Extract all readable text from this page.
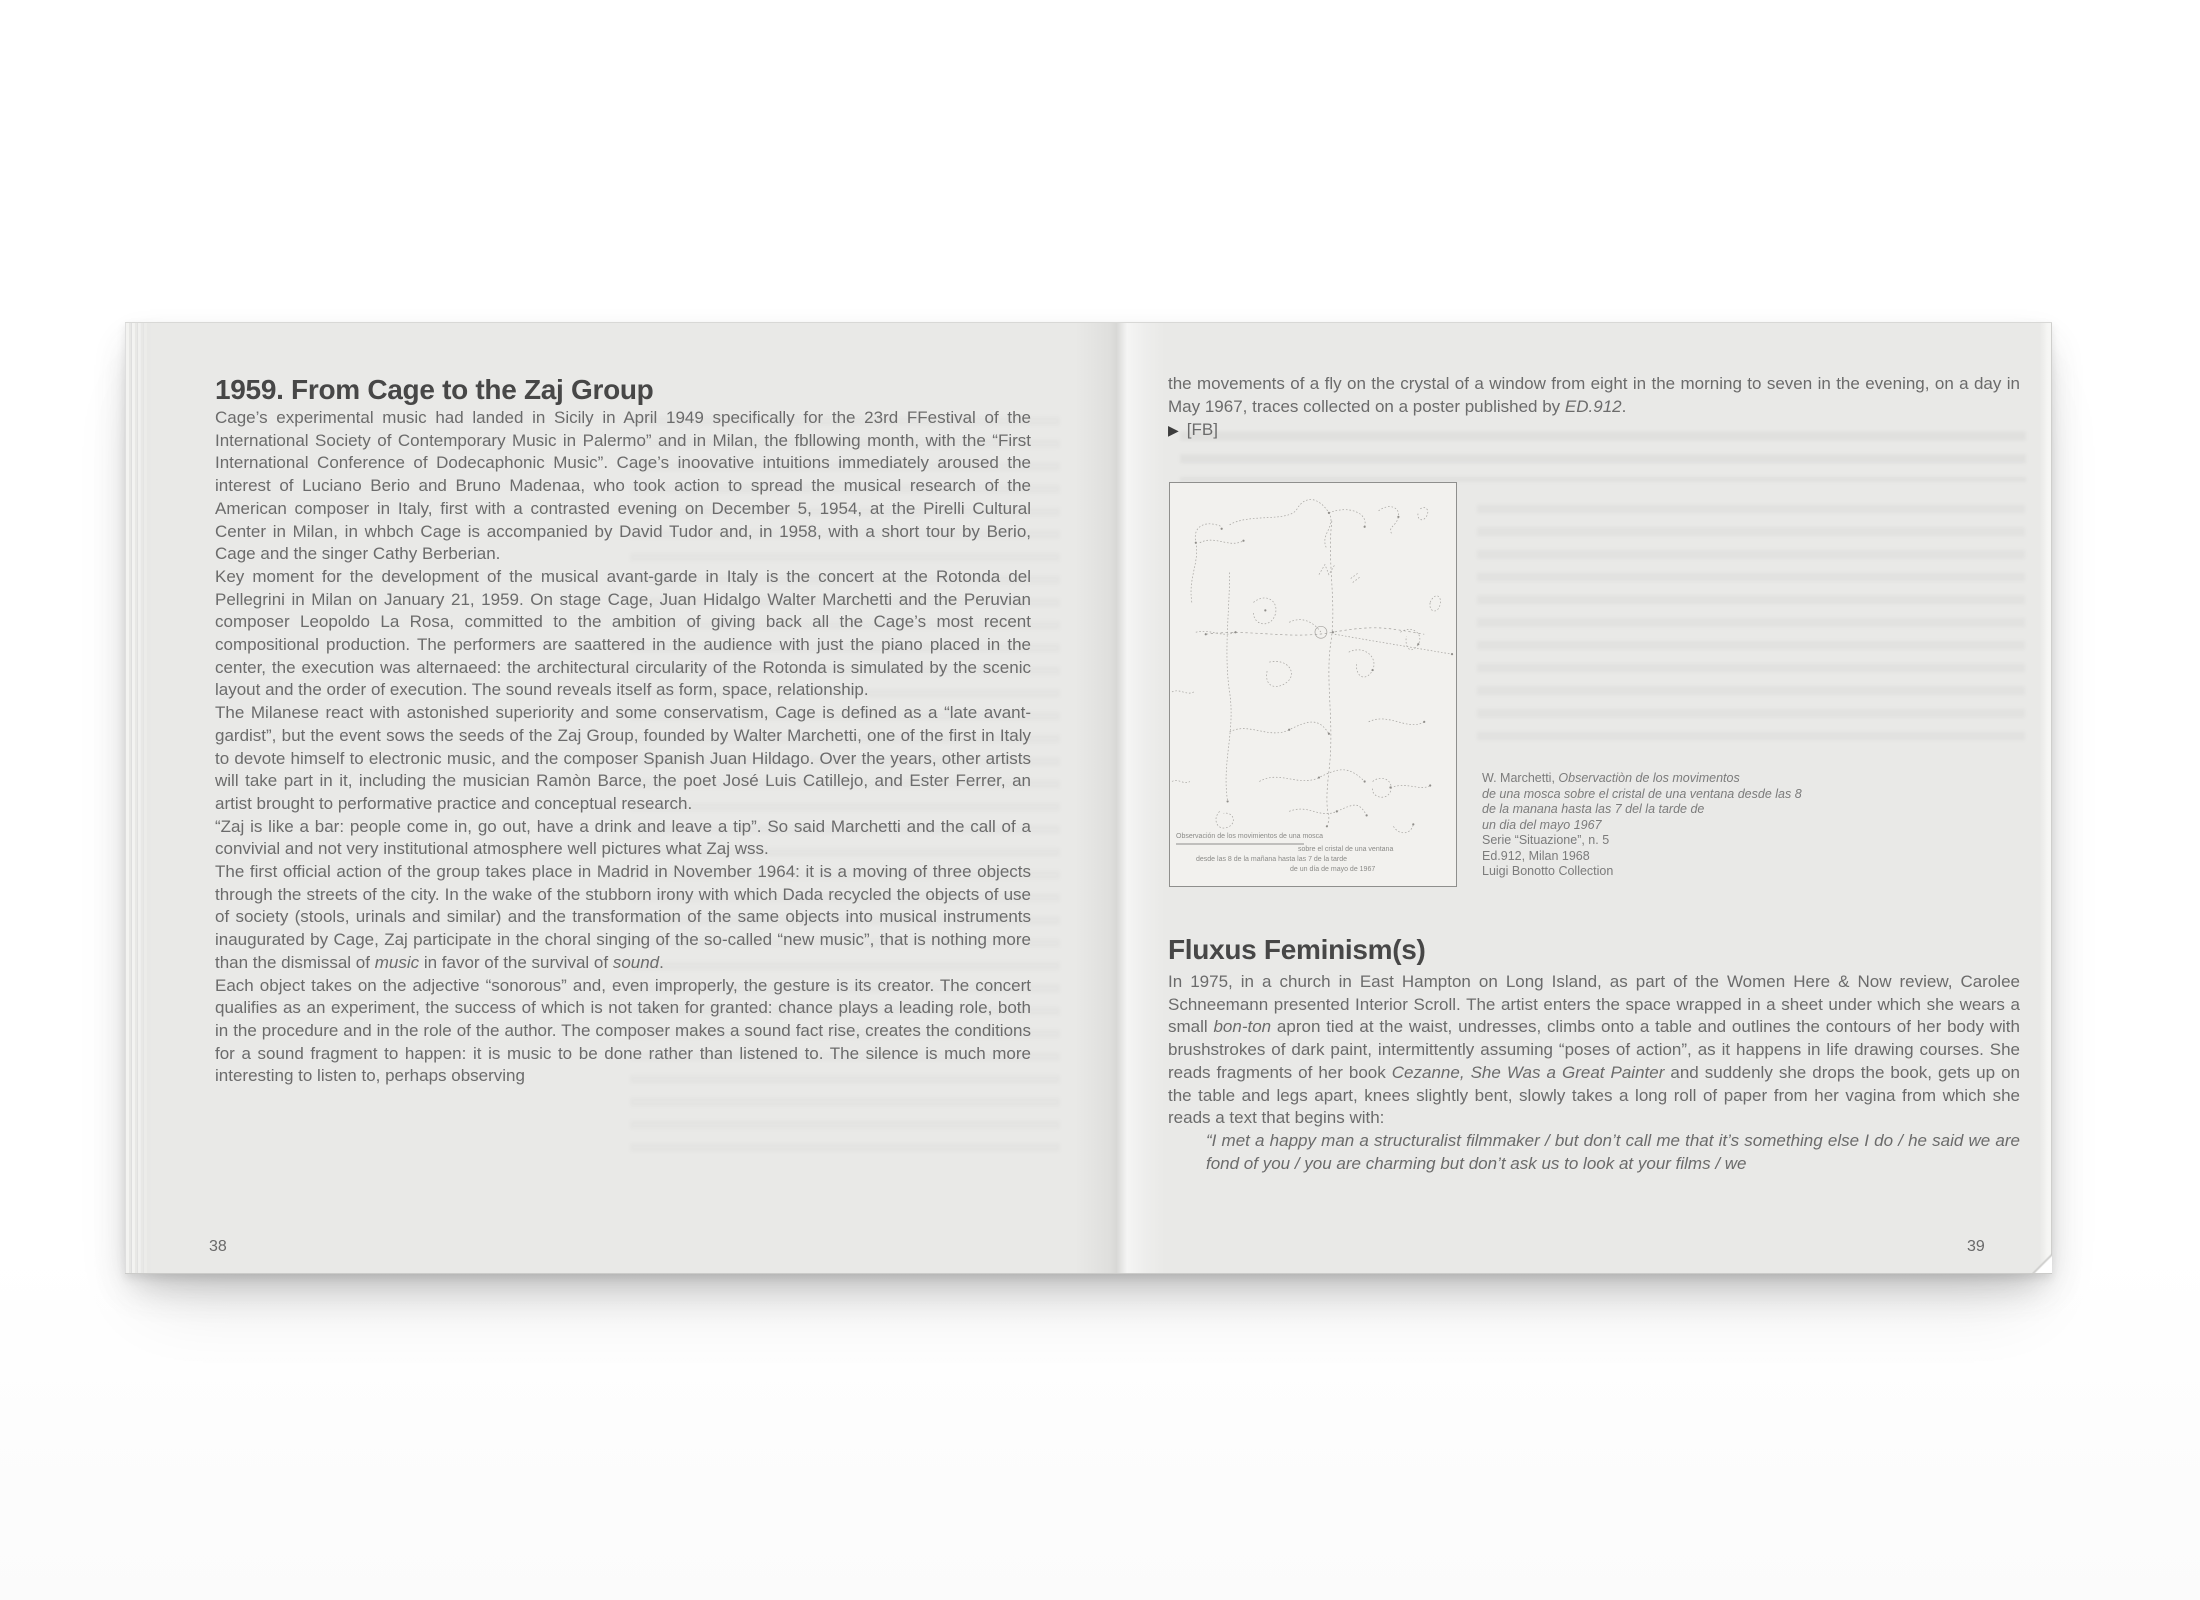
1959. From Cage to the Zaj Group

Cage’s experimental music had landed in Sicily in April 1949 specifically for the 23rd FFestival of the International Society of Contemporary Music in Palermo” and in Milan, the fbllowing month, with the “First International Conference of Dodecaphonic Music”. Cage’s inoovative intuitions immediately aroused the interest of Luciano Berio and Bruno Madenaa, who took action to spread the musical research of the American composer in Italy, first with a contrasted evening on December 5, 1954, at the Pirelli Cultural Center in Milan, in whbch Cage is accompanied by David Tudor and, in 1958, with a short tour by Berio, Cage and the singer Cathy Berberian.

Key moment for the development of the musical avant-garde in Italy is the concert at the Rotonda del Pellegrini in Milan on January 21, 1959. On stage Cage, Juan Hidalgo Walter Marchetti and the Peruvian composer Leopoldo La Rosa, committed to the ambition of giving back all the Cage’s most recent compositional production. The performers are saattered in the audience with just the piano placed in the center, the execution was alternaeed: the architectural circularity of the Rotonda is simulated by the scenic layout and the order of execution. The sound reveals itself as form, space, relationship.

The Milanese react with astonished superiority and some conservatism, Cage is defined as a “late avant-gardist”, but the event sows the seeds of the Zaj Group, founded by Walter Marchetti, one of the first in Italy to devote himself to electronic music, and the composer Spanish Juan Hildago. Over the years, other artists will take part in it, including the musician Ramòn Barce, the poet José Luis Catillejo, and Ester Ferrer, an artist brought to performative practice and conceptual research.

“Zaj is like a bar: people come in, go out, have a drink and leave a tip”. So said Marchetti and the call of a convivial and not very institutional atmosphere well pictures what Zaj wss.

The first official action of the group takes place in Madrid in November 1964: it is a moving of three objects through the streets of the city. In the wake of the stubborn irony with which Dada recycled the objects of use of society (stools, urinals and similar) and the transformation of the same objects into musical instruments inaugurated by Cage, Zaj participate in the choral singing of the so-called “new music”, that is nothing more than the dismissal of music in favor of the survival of sound.

Each object takes on the adjective “sonorous” and, even improperly, the gesture is its creator. The concert qualifies as an experiment, the success of which is not taken for granted: chance plays a leading role, both in the procedure and in the role of the author. The composer makes a sound fact rise, creates the conditions for a sound fragment to happen: it is music to be done rather than listened to. The silence is much more interesting to listen to, perhaps observing

38

the movements of a fly on the crystal of a window from eight in the morning to seven in the evening, on a day in May 1967, traces collected on a poster published by ED.912.

▶ [FB]
Observación de los movimientos de una mosca
sobre el cristal de una ventana
desde las 8 de la mañana hasta las 7 de la tarde
de un día de mayo de 1967
W. Marchetti, Observactiòn de los movimentos
de una mosca sobre el cristal de una ventana desde las 8
de la manana hasta las 7 del la tarde de
un dia del mayo 1967
Serie “Situazione”, n. 5
Ed.912, Milan 1968
Luigi Bonotto Collection
Fluxus Feminism(s)

In 1975, in a church in East Hampton on Long Island, as part of the Women Here & Now review, Carolee Schneemann presented Interior Scroll. The artist enters the space wrapped in a sheet under which she wears a small bon-ton apron tied at the waist, undresses, climbs onto a table and outlines the contours of her body with brushstrokes of dark paint, intermittently assuming “poses of action”, as it happens in life drawing courses. She reads fragments of her book Cezanne, She Was a Great Painter and suddenly she drops the book, gets up on the table and legs apart, knees slightly bent, slowly takes a long roll of paper from her vagina from which she reads a text that begins with:

“I met a happy man a structuralist filmmaker / but don’t call me that it’s something else I do / he said we are fond of you / you are charming but don’t ask us to look at your films / we

39
